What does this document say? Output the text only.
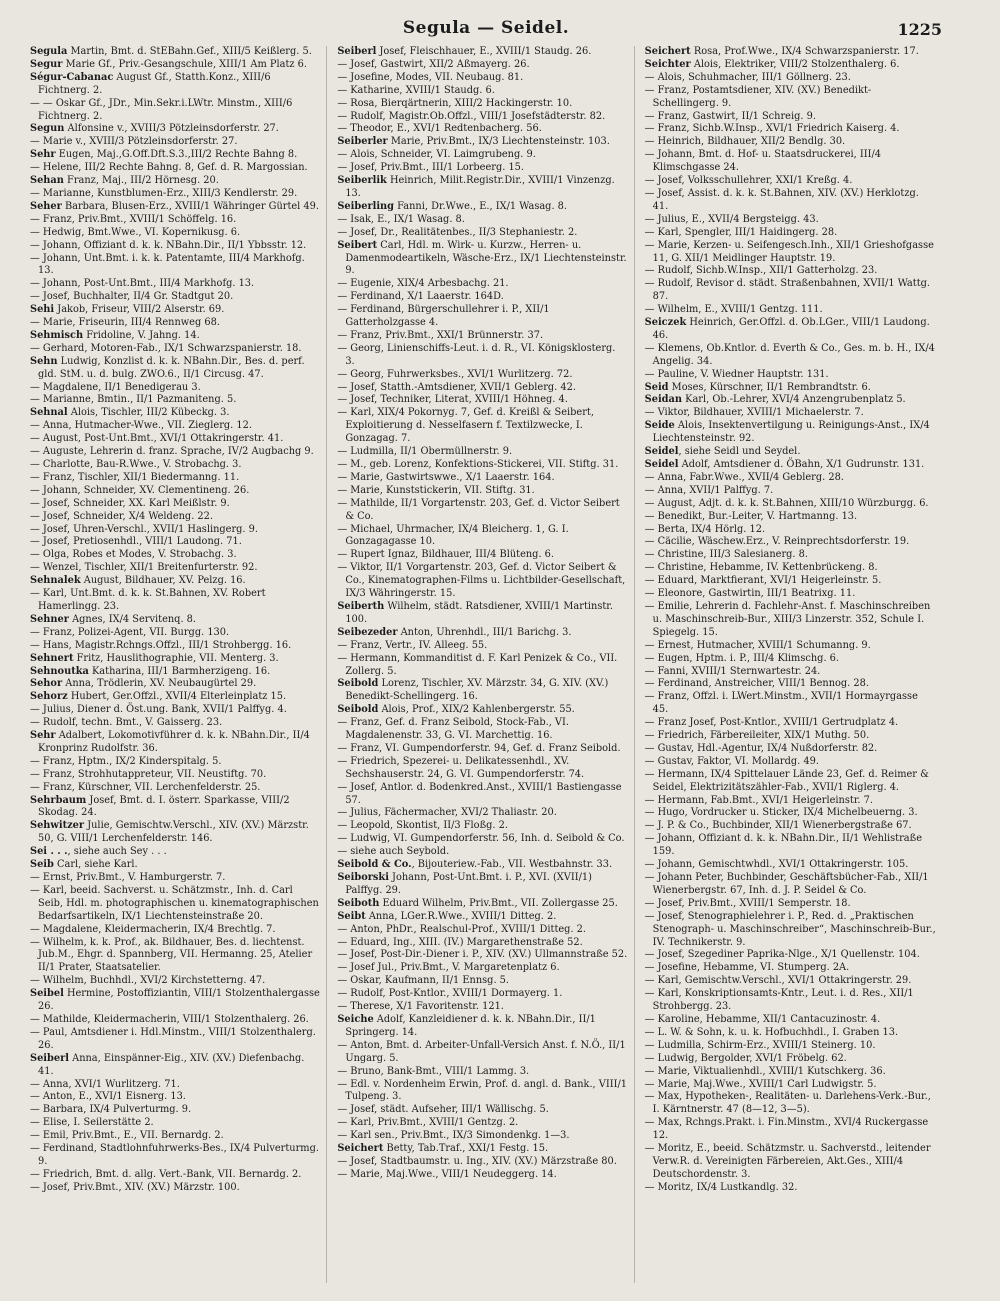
Segula — Seidel.	1225

Segula Martin, Bmt. d. StEBahn.Gef., XIII/5 Keißlerg. 5.

Segur Marie Gf., Priv.-Gesangschule, XIII/1 Am Platz 6.

Ségur-Cabanac August Gf., Statth.Konz., XIII/6 Fichtnerg. 2.

— — Oskar Gf., JDr., Min.Sekr.i.LWtr. Minstm., XIII/6 Fichtnerg. 2.

Segun Alfonsine v., XVIII/3 Pötzleinsdorferstr. 27.

— Marie v., XVIII/3 Pötzleinsdorferstr. 27.

Sehr Eugen, Maj.,G.Off.Dft.S.3.,III/2 Rechte Bahng 8.

— Helene, III/2 Rechte Bahng. 8, Gef. d. R. Margossian.

Sehan Franz, Maj., III/2 Hörnesg. 20.

— Marianne, Kunstblumen-Erz., XIII/3 Kendlerstr. 29.

Seher Barbara, Blusen-Erz., XVIII/1 Währinger Gürtel 49.

— Franz, Priv.Bmt., XVIII/1 Schöffelg. 16.

— Hedwig, Bmt.Wwe., VI. Kopernikusg. 6.

— Johann, Offiziant d. k. k. NBahn.Dir., II/1 Ybbsstr. 12.

— Johann, Unt.Bmt. i. k. k. Patentamte, III/4 Markhofg. 13.

— Johann, Post-Unt.Bmt., III/4 Markhofg. 13.

— Josef, Buchhalter, II/4 Gr. Stadtgut 20.

Sehi Jakob, Friseur, VIII/2 Alserstr. 69.

— Marie, Friseurin, III/4 Rennweg 68.

Sehmisch Fridoline, V. Jahng. 14.

— Gerhard, Motoren-Fab., IX/1 Schwarzspanierstr. 18.

Sehn Ludwig, Konzlist d. k. k. NBahn.Dir., Bes. d. perf. gld. StM. u. d. bulg. ZWO.6., II/1 Circusg. 47.

— Magdalene, II/1 Benedigerau 3.

— Marianne, Bmtin., II/1 Pazmaniteng. 5.

Sehnal Alois, Tischler, III/2 Kübeckg. 3.

— Anna, Hutmacher-Wwe., VII. Zieglerg. 12.

— August, Post-Unt.Bmt., XVI/1 Ottakringerstr. 41.

— Auguste, Lehrerin d. franz. Sprache, IV/2 Augbachg 9.

— Charlotte, Bau-R.Wwe., V. Strobachg. 3.

— Franz, Tischler, XII/1 Biedermanng. 11.

— Johann, Schneider, XV. Clementineng. 26.

— Josef, Schneider, XX. Karl Meißlstr. 9.

— Josef, Schneider, X/4 Weldeng. 22.

— Josef, Uhren-Verschl., XVII/1 Haslingerg. 9.

— Josef, Pretiosenhdl., VIII/1 Laudong. 71.

— Olga, Robes et Modes, V. Strobachg. 3.

— Wenzel, Tischler, XII/1 Breitenfurterstr. 92.

Sehnalek August, Bildhauer, XV. Pelzg. 16.

— Karl, Unt.Bmt. d. k. k. St.Bahnen, XV. Robert Hamerlingg. 23.

Sehner Agnes, IX/4 Servitenq. 8.

— Franz, Polizei-Agent, VII. Burgg. 130.

— Hans, Magistr.Rchngs.Offzl., III/1 Strohbergg. 16.

Sehnert Fritz, Hauslithographie, VII. Menterg. 3.

Sehnoutka Katharina, III/1 Barmherzigeng. 16.

Sehor Anna, Trödlerin, XV. Neubaugürtel 29.

Sehorz Hubert, Ger.Offzl., XVII/4 Elterleinplatz 15.

— Julius, Diener d. Öst.ung. Bank, XVII/1 Palffyg. 4.

— Rudolf, techn. Bmt., V. Gaisserg. 23.

Sehr Adalbert, Lokomotivführer d. k. k. NBahn.Dir., II/4 Kronprinz Rudolfstr. 36.

— Franz, Hptm., IX/2 Kinderspitalg. 5.

— Franz, Strohhutappreteur, VII. Neustiftg. 70.

— Franz, Kürschner, VII. Lerchenfelderstr. 25.

Sehrbaum Josef, Bmt. d. I. österr. Sparkasse, VIII/2 Skodag. 24.

Sehwitzer Julie, Gemischtw.Verschl., XIV. (XV.) Märzstr. 50, G. VIII/1 Lerchenfelderstr. 146.

Sei . . ., siehe auch Sey . . .

Seib Carl, siehe Karl.

— Ernst, Priv.Bmt., V. Hamburgerstr. 7.

— Karl, beeid. Sachverst. u. Schätzmstr., Inh. d. Carl Seib, Hdl. m. photographischen u. kinematographischen Bedarfsartikeln, IX/1 Liechtensteinstraße 20.

— Magdalene, Kleidermacherin, IX/4 Brechtlg. 7.

— Wilhelm, k. k. Prof., ak. Bildhauer, Bes. d. liechtenst. Jub.M., Ehgr. d. Spannberg, VII. Hermanng. 25, Atelier II/1 Prater, Staatsatelier.

— Wilhelm, Buchhdl., XVI/2 Kirchstetterng. 47.

Seibel Hermine, Postoffiziantin, VIII/1 Stolzenthalergasse 26.

— Mathilde, Kleidermacherin, VIII/1 Stolzenthalerg. 26.

— Paul, Amtsdiener i. Hdl.Minstm., VIII/1 Stolzenthalerg. 26.

Seiberl Anna, Einspänner-Eig., XIV. (XV.) Diefenbachg. 41.

— Anna, XVI/1 Wurlitzerg. 71.

— Anton, E., XVI/1 Eisnerg. 13.

— Barbara, IX/4 Pulverturmg. 9.

— Elise, I. Seilerstätte 2.

— Emil, Priv.Bmt., E., VII. Bernardg. 2.

— Ferdinand, Stadtlohnfuhrwerks-Bes., IX/4 Pulverturmg. 9.

— Friedrich, Bmt. d. allg. Vert.-Bank, VII. Bernardg. 2.

— Josef, Priv.Bmt., XIV. (XV.) Märzstr. 100.

Seiberl Josef, Fleischhauer, E., XVIII/1 Staudg. 26.

— Josef, Gastwirt, XII/2 Aßmayerg. 26.

— Josefine, Modes, VII. Neubaug. 81.

— Katharine, XVIII/1 Staudg. 6.

— Rosa, Bierqärtnerin, XIII/2 Hackingerstr. 10.

— Rudolf, Magistr.Ob.Offzl., VIII/1 Josefstädterstr. 82.

— Theodor, E., XVI/1 Redtenbacherg. 56.

Seiberler Marie, Priv.Bmt., IX/3 Liechtensteinstr. 103.

— Alois, Schneider, VI. Laimgrubeng. 9.

— Josef, Priv.Bmt., III/1 Lorbeerg. 15.

Seiberlik Heinrich, Milit.Registr.Dir., XVIII/1 Vinzenzg. 13.

Seiberling Fanni, Dr.Wwe., E., IX/1 Wasag. 8.

— Isak, E., IX/1 Wasag. 8.

— Josef, Dr., Realitätenbes., II/3 Stephaniestr. 2.

Seibert Carl, Hdl. m. Wirk- u. Kurzw., Herren- u. Damenmodeartikeln, Wäsche-Erz., IX/1 Liechtensteinstr. 9.

— Eugenie, XIX/4 Arbesbachg. 21.

— Ferdinand, X/1 Laaerstr. 164D.

— Ferdinand, Bürgerschullehrer i. P., XII/1 Gatterholzgasse 4.

— Franz, Priv.Bmt., XXI/1 Brünnerstr. 37.

— Georg, Linienschiffs-Leut. i. d. R., VI. Königsklosterg. 3.

— Georg, Fuhrwerksbes., XVI/1 Wurlitzerg. 72.

— Josef, Statth.-Amtsdiener, XVII/1 Geblerg. 42.

— Josef, Techniker, Literat, XVIII/1 Höhneg. 4.

— Karl, XIX/4 Pokornyg. 7, Gef. d. Kreißl & Seibert, Exploitierung d. Nesselfasern f. Textilzwecke, I. Gonzagag. 7.

— Ludmilla, II/1 Obermüllnerstr. 9.

— M., geb. Lorenz, Konfektions-Stickerei, VII. Stiftg. 31.

— Marie, Gastwirtswwe., X/1 Laaerstr. 164.

— Marie, Kunststickerin, VII. Stiftg. 31.

— Mathilde, II/1 Vorgartenstr. 203, Gef. d. Victor Seibert & Co.

— Michael, Uhrmacher, IX/4 Bleicherg. 1, G. I. Gonzagagasse 10.

— Rupert Ignaz, Bildhauer, III/4 Blüteng. 6.

— Viktor, II/1 Vorgartenstr. 203, Gef. d. Victor Seibert & Co., Kinematographen-Films u. Lichtbilder-Gesellschaft, IX/3 Währingerstr. 15.

Seiberth Wilhelm, städt. Ratsdiener, XVIII/1 Martinstr. 100.

Seibezeder Anton, Uhrenhdl., III/1 Barichg. 3.

— Franz, Vertr., IV. Alleeg. 55.

— Hermann, Kommanditist d. F. Karl Penizek & Co., VII. Zollerg. 5.

Seibold Lorenz, Tischler, XV. Märzstr. 34, G. XIV. (XV.) Benedikt-Schellingerg. 16.

Seibold Alois, Prof., XIX/2 Kahlenbergerstr. 55.

— Franz, Gef. d. Franz Seibold, Stock-Fab., VI. Magdalenenstr. 33, G. VI. Marchettig. 16.

— Franz, VI. Gumpendorferstr. 94, Gef. d. Franz Seibold.

— Friedrich, Spezerei- u. Delikatessenhdl., XV. Sechshauserstr. 24, G. VI. Gumpendorferstr. 74.

— Josef, Antlor. d. Bodenkred.Anst., XVIII/1 Bastiengasse 57.

— Julius, Fächermacher, XVI/2 Thaliastr. 20.

— Leopold, Skontist, II/3 Floßg. 2.

— Ludwig, VI. Gumpendorferstr. 56, Inh. d. Seibold & Co.

— siehe auch Seybold.

Seibold & Co., Bijouteriew.-Fab., VII. Westbahnstr. 33.

Seiborski Johann, Post-Unt.Bmt. i. P., XVI. (XVII/1) Palffyg. 29.

Seiboth Eduard Wilhelm, Priv.Bmt., VII. Zollergasse 25.

Seibt Anna, LGer.R.Wwe., XVIII/1 Ditteg. 2.

— Anton, PhDr., Realschul-Prof., XVIII/1 Ditteg. 2.

— Eduard, Ing., XIII. (IV.) Margarethenstraße 52.

— Josef, Post-Dir.-Diener i. P., XIV. (XV.) Ullmannstraße 52.

— Josef Jul., Priv.Bmt., V. Margaretenplatz 6.

— Oskar, Kaufmann, II/1 Ennsg. 5.

— Rudolf, Post-Kntlor., XVIII/1 Dormayerg. 1.

— Therese, X/1 Favoritenstr. 121.

Seiche Adolf, Kanzleidiener d. k. k. NBahn.Dir., II/1 Springerg. 14.

— Anton, Bmt. d. Arbeiter-Unfall-Versich Anst. f. N.Ö., II/1 Ungarg. 5.

— Bruno, Bank-Bmt., VIII/1 Lammg. 3.

— Edl. v. Nordenheim Erwin, Prof. d. angl. d. Bank., VIII/1 Tulpeng. 3.

— Josef, städt. Aufseher, III/1 Wällischg. 5.

— Karl, Priv.Bmt., XVIII/1 Gentzg. 2.

— Karl sen., Priv.Bmt., IX/3 Simondenkg. 1—3.

Seichert Betty, Tab.Traf., XXI/1 Festg. 15.

— Josef, Stadtbaumstr. u. Ing., XIV. (XV.) Märzstraße 80.

— Marie, Maj.Wwe., VIII/1 Neudeggerg. 14.

Seichert Rosa, Prof.Wwe., IX/4 Schwarzspanierstr. 17.

Seichter Alois, Elektriker, VIII/2 Stolzenthalerg. 6.

— Alois, Schuhmacher, III/1 Göllnerg. 23.

— Franz, Postamtsdiener, XIV. (XV.) Benedikt-Schellingerg. 9.

— Franz, Gastwirt, II/1 Schreig. 9.

— Franz, Sichb.W.Insp., XVI/1 Friedrich Kaiserg. 4.

— Heinrich, Bildhauer, XII/2 Bendlg. 30.

— Johann, Bmt. d. Hof- u. Staatsdruckerei, III/4 Klimschgasse 24.

— Josef, Volksschullehrer, XXI/1 Kreßg. 4.

— Josef, Assist. d. k. k. St.Bahnen, XIV. (XV.) Herklotzg. 41.

— Julius, E., XVII/4 Bergsteigg. 43.

— Karl, Spengler, III/1 Haidingerg. 28.

— Marie, Kerzen- u. Seifengesch.Inh., XII/1 Grieshofgasse 11, G. XII/1 Meidlinger Hauptstr. 19.

— Rudolf, Sichb.W.Insp., XII/1 Gatterholzg. 23.

— Rudolf, Revisor d. städt. Straßenbahnen, XVII/1 Wattg. 87.

— Wilhelm, E., XVIII/1 Gentzg. 111.

Seiczek Heinrich, Ger.Offzl. d. Ob.LGer., VIII/1 Laudong. 46.

— Klemens, Ob.Kntlor. d. Everth & Co., Ges. m. b. H., IX/4 Angelig. 34.

— Pauline, V. Wiedner Hauptstr. 131.

Seid Moses, Kürschner, II/1 Rembrandtstr. 6.

Seidan Karl, Ob.-Lehrer, XVI/4 Anzengrubenplatz 5.

— Viktor, Bildhauer, XVIII/1 Michaelerstr. 7.

Seide Alois, Insektenvertilgung u. Reinigungs-Anst., IX/4 Liechtensteinstr. 92.

Seidel, siehe Seidl und Seydel.

Seidel Adolf, Amtsdiener d. ÖBahn, X/1 Gudrunstr. 131.

— Anna, Fabr.Wwe., XVII/4 Geblerg. 28.

— Anna, XVII/1 Palffyg. 7.

— August, Adjt. d. k. k. St.Bahnen, XIII/10 Würzburgg. 6.

— Benedikt, Bur.-Leiter, V. Hartmanng. 13.

— Berta, IX/4 Hörlg. 12.

— Cäcilie, Wäschew.Erz., V. Reinprechtsdorferstr. 19.

— Christine, III/3 Salesianerg. 8.

— Christine, Hebamme, IV. Kettenbrückeng. 8.

— Eduard, Marktfierant, XVI/1 Heigerleinstr. 5.

— Eleonore, Gastwirtin, III/1 Beatrixg. 11.

— Emilie, Lehrerin d. Fachlehr-Anst. f. Maschinschreiben u. Maschinschreib-Bur., XIII/3 Linzerstr. 352, Schule I. Spiegelg. 15.

— Ernest, Hutmacher, XVIII/1 Schumanng. 9.

— Eugen, Hptm. i. P., III/4 Klimschg. 6.

— Fanni, XVIII/1 Sternwartestr. 24.

— Ferdinand, Anstreicher, VIII/1 Bennog. 28.

— Franz, Offzl. i. LWert.Minstm., XVII/1 Hormayrgasse 45.

— Franz Josef, Post-Kntlor., XVIII/1 Gertrudplatz 4.

— Friedrich, Färbereileiter, XIX/1 Muthg. 50.

— Gustav, Hdl.-Agentur, IX/4 Nußdorferstr. 82.

— Gustav, Faktor, VI. Mollardg. 49.

— Hermann, IX/4 Spittelauer Lände 23, Gef. d. Reimer & Seidel, Elektrizitätszähler-Fab., XVII/1 Riglerg. 4.

— Hermann, Fab.Bmt., XVI/1 Heigerleinstr. 7.

— Hugo, Vordrucker u. Sticker, IX/4 Michelbeuerng. 3.

— J. P. & Co., Buchbinder, XII/1 Wienerbergstraße 67.

— Johann, Offiziant d. k. k. NBahn.Dir., II/1 Wehlistraße 159.

— Johann, Gemischtwhdl., XVI/1 Ottakringerstr. 105.

— Johann Peter, Buchbinder, Geschäftsbücher-Fab., XII/1 Wienerbergstr. 67, Inh. d. J. P. Seidel & Co.

— Josef, Priv.Bmt., XVIII/1 Semperstr. 18.

— Josef, Stenographielehrer i. P., Red. d. „Praktischen Stenograph- u. Maschinschreiber“, Maschinschreib-Bur., IV. Technikerstr. 9.

— Josef, Szegediner Paprika-Nlge., X/1 Quellenstr. 104.

— Josefine, Hebamme, VI. Stumperg. 2A.

— Karl, Gemischtw.Verschl., XVI/1 Ottakringerstr. 29.

— Karl, Konskriptionsamts-Kntr., Leut. i. d. Res., XII/1 Strohbergg. 23.

— Karoline, Hebamme, XII/1 Cantacuzinostr. 4.

— L. W. & Sohn, k. u. k. Hofbuchhdl., I. Graben 13.

— Ludmilla, Schirm-Erz., XVIII/1 Steinerg. 10.

— Ludwig, Bergolder, XVI/1 Fröbelg. 62.

— Marie, Viktualienhdl., XVIII/1 Kutschkerg. 36.

— Marie, Maj.Wwe., XVIII/1 Carl Ludwigstr. 5.

— Max, Hypotheken-, Realitäten- u. Darlehens-Verk.-Bur., I. Kärntnerstr. 47 (8—12, 3—5).

— Max, Rchngs.Prakt. i. Fin.Minstm., XVI/4 Ruckergasse 12.

— Moritz, E., beeid. Schätzmstr. u. Sachverstd., leitender Verw.R. d. Vereinigten Färbereien, Akt.Ges., XIII/4 Deutschordenstr. 3.

— Moritz, IX/4 Lustkandlg. 32.
